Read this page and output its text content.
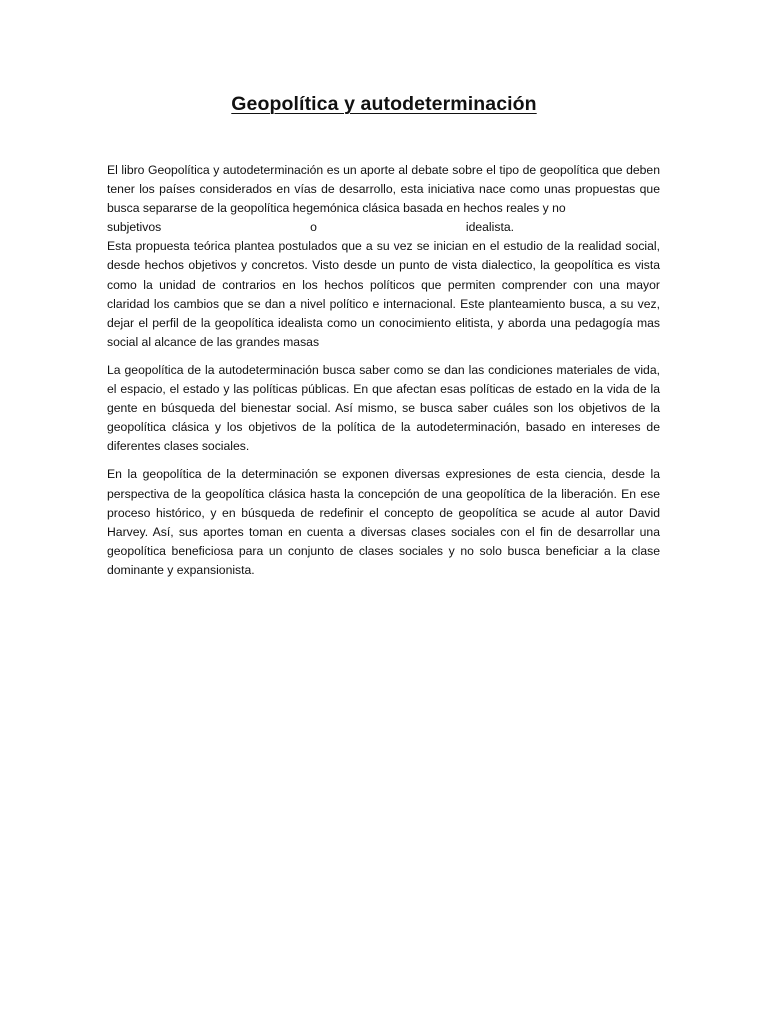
Geopolítica y autodeterminación

El libro Geopolítica y autodeterminación es un aporte al debate sobre el tipo de geopolítica que deben tener los países considerados en vías de desarrollo, esta iniciativa nace como unas propuestas que busca separarse de la geopolítica hegemónica clásica basada en hechos reales y no

subjetivos	o	idealista.

Esta propuesta teórica plantea postulados que a su vez se inician en el estudio de la realidad social, desde hechos objetivos y concretos. Visto desde un punto de vista dialectico, la geopolítica es vista como la unidad de contrarios en los hechos políticos que permiten comprender con una mayor claridad los cambios que se dan a nivel político e internacional. Este planteamiento busca, a su vez, dejar el perfil de la geopolítica idealista como un conocimiento elitista, y aborda una pedagogía mas social al alcance de las grandes masas

La geopolítica de la autodeterminación busca saber como se dan las condiciones materiales de vida, el espacio, el estado y las políticas públicas. En que afectan esas políticas de estado en la vida de la gente en búsqueda del bienestar social. Así mismo, se busca saber cuáles son los objetivos de la geopolítica clásica y los objetivos de la política de la autodeterminación, basado en intereses de diferentes clases sociales.

En la geopolítica de la determinación se exponen diversas expresiones de esta ciencia, desde la perspectiva de la geopolítica clásica hasta la concepción de una geopolítica de la liberación. En ese proceso histórico, y en búsqueda de redefinir el concepto de geopolítica se acude al autor David Harvey. Así, sus aportes toman en cuenta a diversas clases sociales con el fin de desarrollar una geopolítica beneficiosa para un conjunto de clases sociales y no solo busca beneficiar a la clase dominante y expansionista.
